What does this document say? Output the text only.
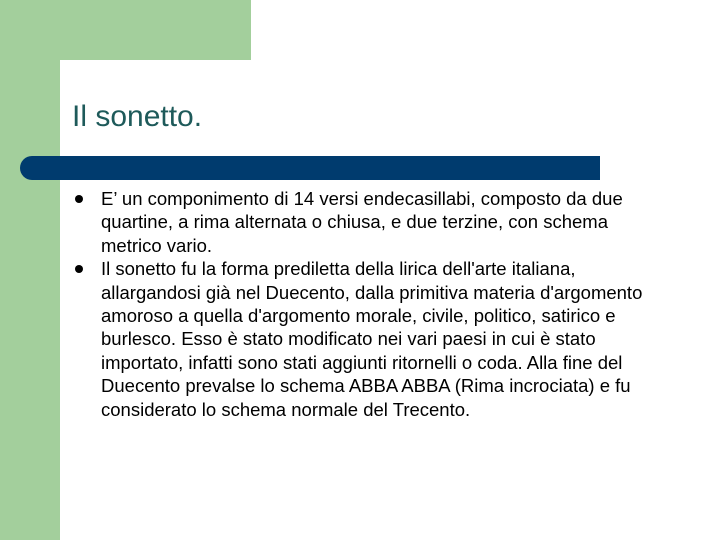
Il sonetto.
E’ un componimento di 14 versi endecasillabi, composto da due quartine, a rima alternata o chiusa, e due terzine, con schema metrico vario.
Il sonetto fu la forma prediletta della lirica dell'arte italiana, allargandosi già nel Duecento, dalla primitiva materia d'argomento amoroso a quella d'argomento morale, civile, politico, satirico e burlesco. Esso è stato modificato nei vari paesi in cui è stato importato, infatti sono stati aggiunti ritornelli o coda. Alla fine del Duecento prevalse lo schema ABBA ABBA (Rima incrociata) e fu considerato lo schema normale del Trecento.
